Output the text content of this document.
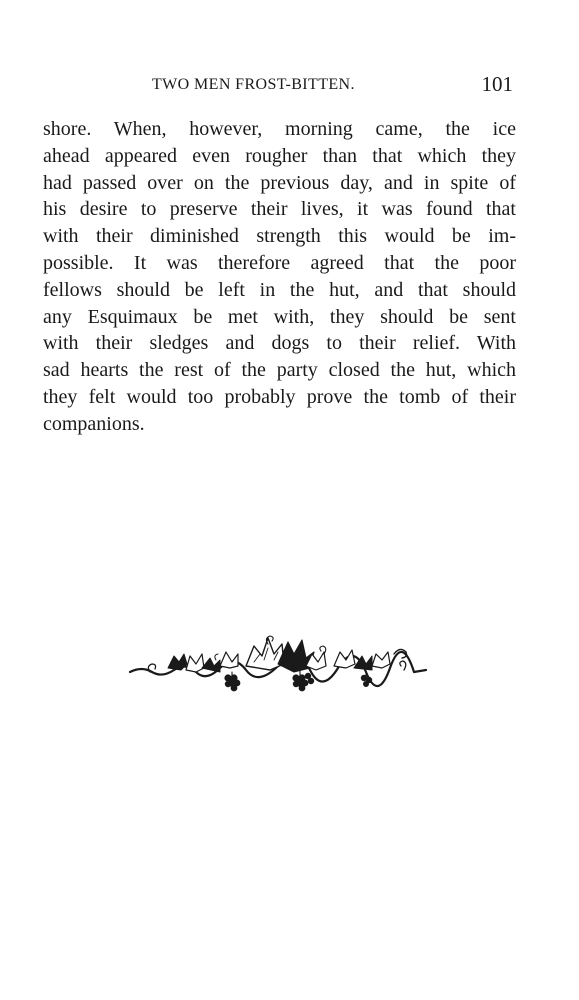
TWO MEN FROST-BITTEN.	101
shore. When, however, morning came, the ice
ahead appeared even rougher than that which they
had passed over on the previous day, and in spite of
his desire to preserve their lives, it was found that
with their diminished strength this would be im-
possible. It was therefore agreed that the poor
fellows should be left in the hut, and that should
any Esquimaux be met with, they should be sent
with their sledges and dogs to their relief. With
sad hearts the rest of the party closed the hut, which
they felt would too probably prove the tomb of their
companions.
